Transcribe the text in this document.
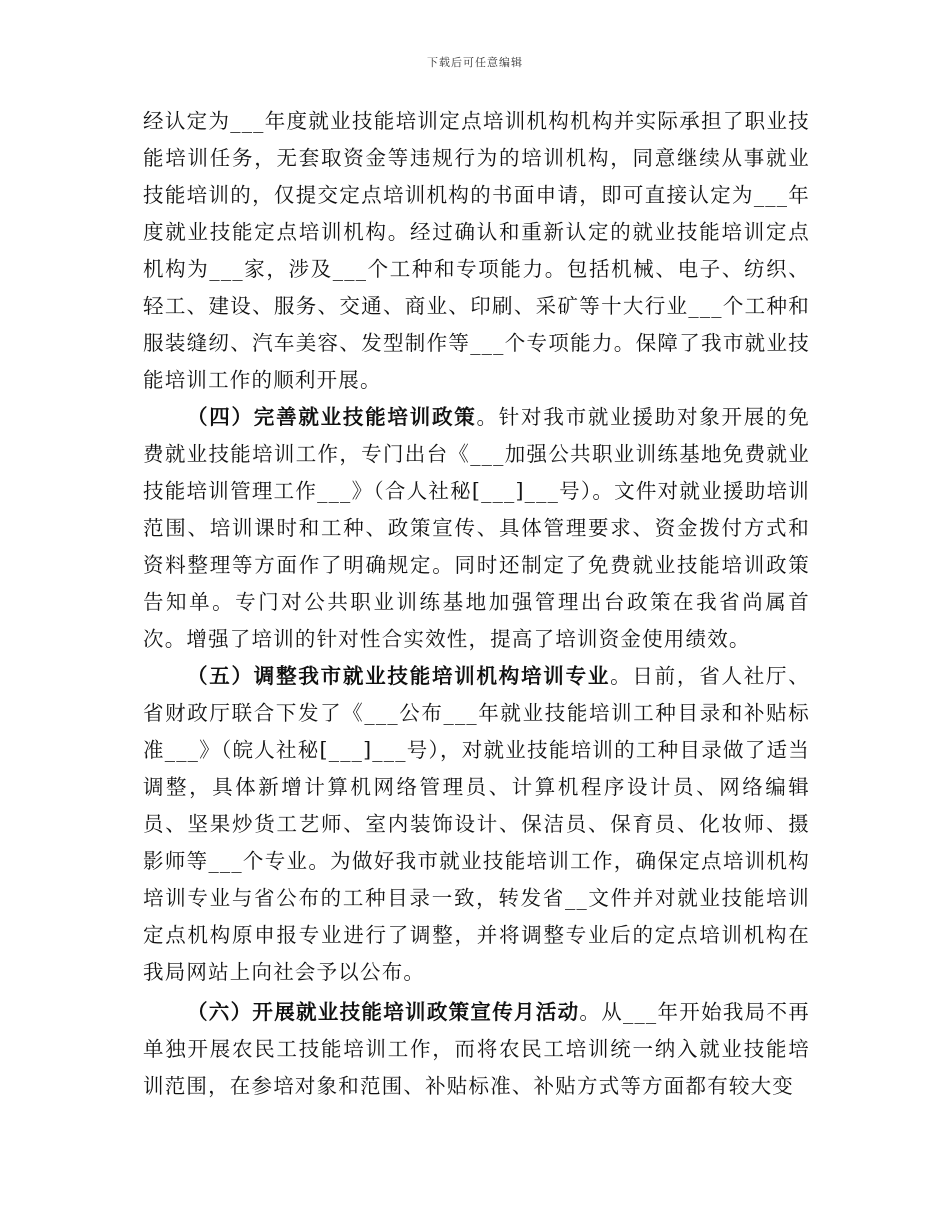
下载后可任意编辑

经认定为___年度就业技能培训定点培训机构机构并实际承担了职业技能培训任务，无套取资金等违规行为的培训机构，同意继续从事就业技能培训的，仅提交定点培训机构的书面申请，即可直接认定为___年度就业技能定点培训机构。经过确认和重新认定的就业技能培训定点机构为___家，涉及___个工种和专项能力。包括机械、电子、纺织、轻工、建设、服务、交通、商业、印刷、采矿等十大行业___个工种和服装缝纫、汽车美容、发型制作等___个专项能力。保障了我市就业技能培训工作的顺利开展。

（四）完善就业技能培训政策。针对我市就业援助对象开展的免费就业技能培训工作，专门出台《___加强公共职业训练基地免费就业技能培训管理工作___》（合人社秘[___]___号）。文件对就业援助培训范围、培训课时和工种、政策宣传、具体管理要求、资金拨付方式和资料整理等方面作了明确规定。同时还制定了免费就业技能培训政策告知单。专门对公共职业训练基地加强管理出台政策在我省尚属首次。增强了培训的针对性合实效性，提高了培训资金使用绩效。

（五）调整我市就业技能培训机构培训专业。日前，省人社厅、省财政厅联合下发了《___公布___年就业技能培训工种目录和补贴标准___》（皖人社秘[___]___号），对就业技能培训的工种目录做了适当调整，具体新增计算机网络管理员、计算机程序设计员、网络编辑员、坚果炒货工艺师、室内装饰设计、保洁员、保育员、化妆师、摄影师等___个专业。为做好我市就业技能培训工作，确保定点培训机构培训专业与省公布的工种目录一致，转发省__文件并对就业技能培训定点机构原申报专业进行了调整，并将调整专业后的定点培训机构在我局网站上向社会予以公布。

（六）开展就业技能培训政策宣传月活动。从___年开始我局不再单独开展农民工技能培训工作，而将农民工培训统一纳入就业技能培训范围，在参培对象和范围、补贴标准、补贴方式等方面都有较大变
